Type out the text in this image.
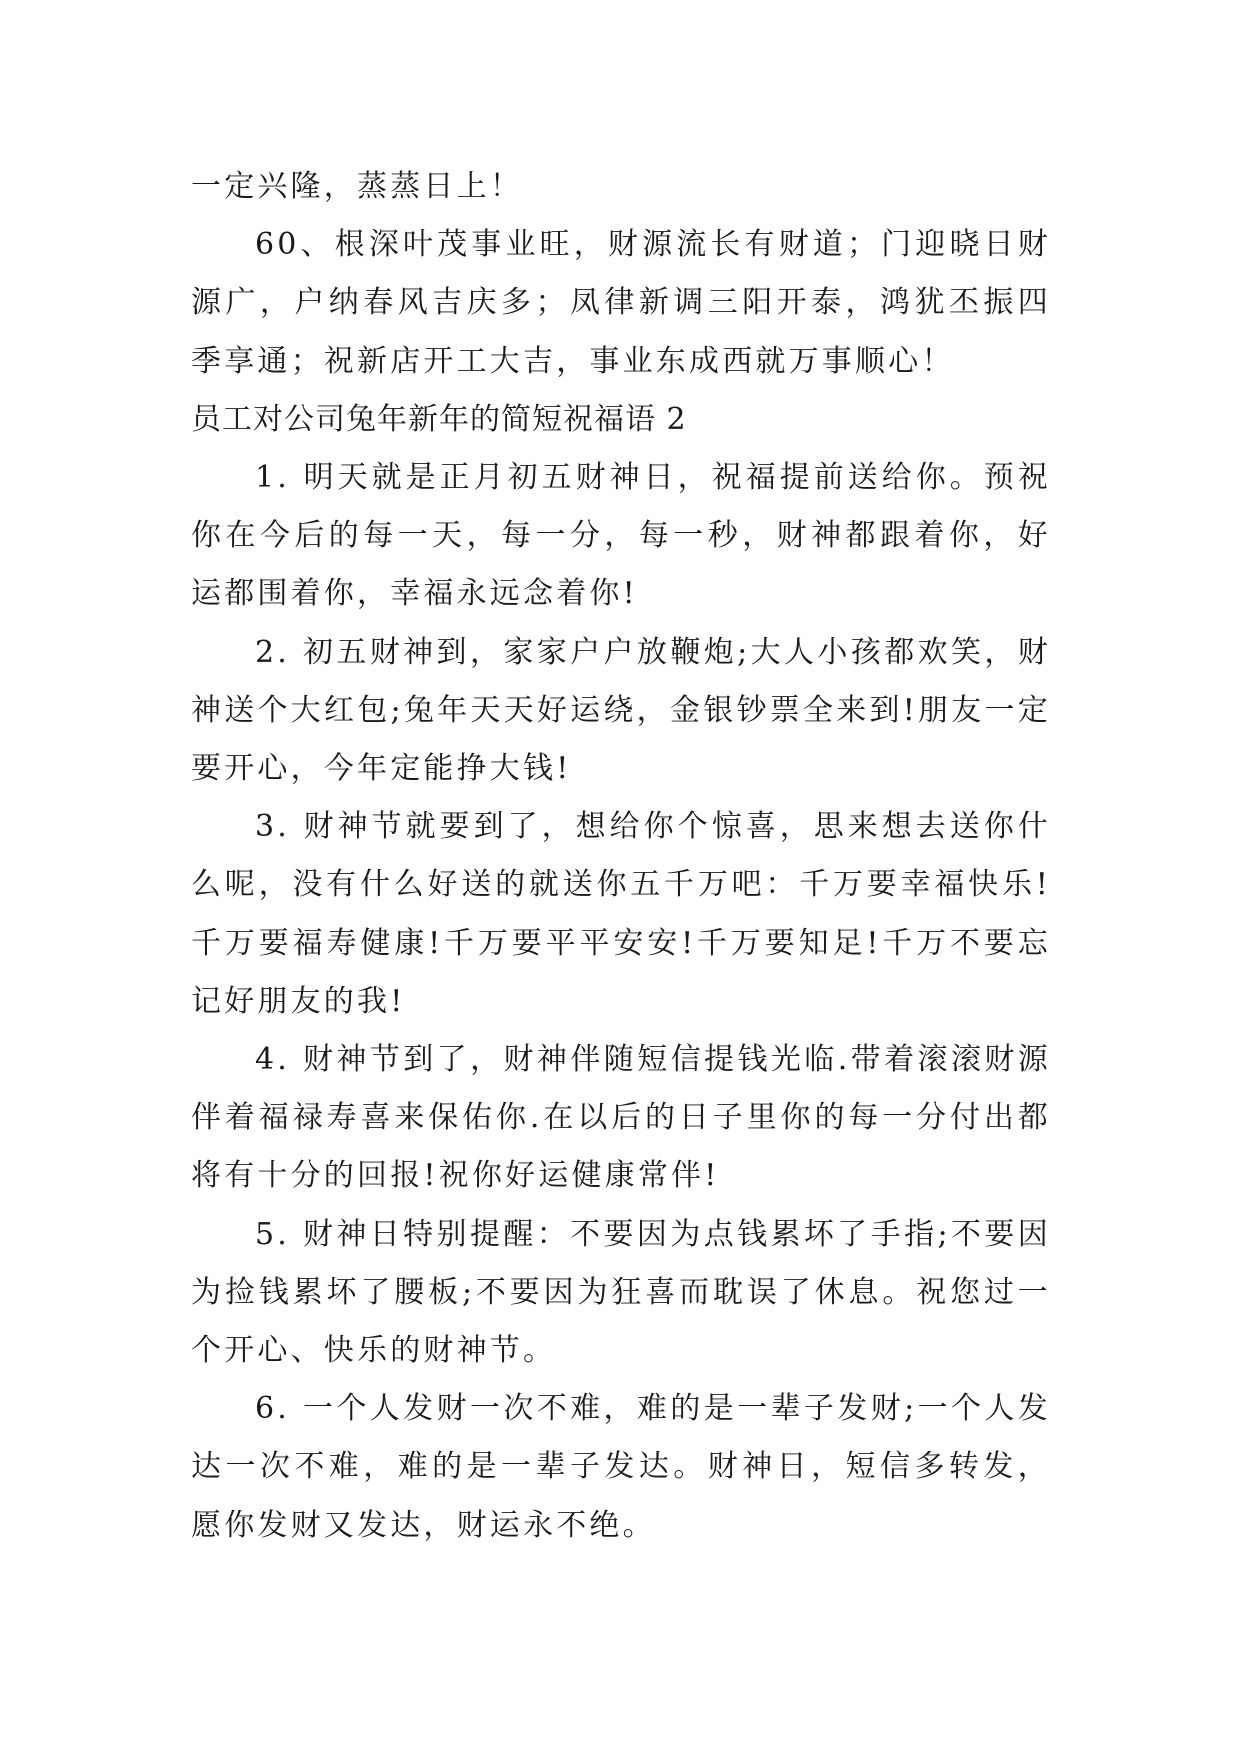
一定兴隆，蒸蒸日上！

60、根深叶茂事业旺，财源流长有财道；门迎晓日财源广，户纳春风吉庆多；凤律新调三阳开泰，鸿犹丕振四季享通；祝新店开工大吉，事业东成西就万事顺心！

员工对公司兔年新年的简短祝福语 2

1. 明天就是正月初五财神日，祝福提前送给你。预祝你在今后的每一天，每一分，每一秒，财神都跟着你，好运都围着你，幸福永远念着你!

2. 初五财神到，家家户户放鞭炮;大人小孩都欢笑，财神送个大红包;兔年天天好运绕，金银钞票全来到!朋友一定要开心，今年定能挣大钱!

3. 财神节就要到了，想给你个惊喜，思来想去送你什么呢，没有什么好送的就送你五千万吧：千万要幸福快乐!千万要福寿健康!千万要平平安安!千万要知足!千万不要忘记好朋友的我!

4. 财神节到了，财神伴随短信提钱光临.带着滚滚财源伴着福禄寿喜来保佑你.在以后的日子里你的每一分付出都将有十分的回报!祝你好运健康常伴!

5. 财神日特别提醒：不要因为点钱累坏了手指;不要因为捡钱累坏了腰板;不要因为狂喜而耽误了休息。祝您过一个开心、快乐的财神节。

6. 一个人发财一次不难，难的是一辈子发财;一个人发达一次不难，难的是一辈子发达。财神日，短信多转发，愿你发财又发达，财运永不绝。
